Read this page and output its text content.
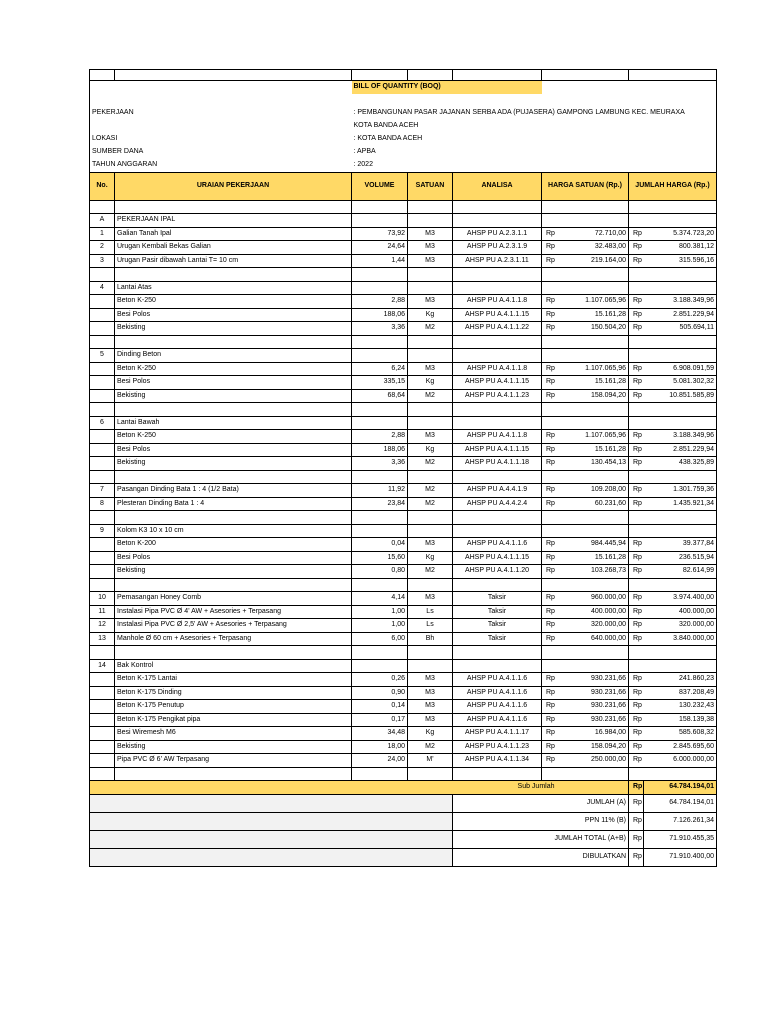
		BILL OF QUANTITY (BOQ)						

PEKERJAAN		: PEMBANGUNAN PASAR JAJANAN SERBA ADA (PUJASERA) GAMPONG LAMBUNG KEC. MEURAXA						
		KOTA BANDA ACEH						
LOKASI		: KOTA BANDA ACEH						
SUMBER DANA		: APBA						
TAHUN ANGGARAN		: 2022						
No.	URAIAN PEKERJAAN	VOLUME	SATUAN	ANALISA	HARGA SATUAN (Rp.)		JUMLAH HARGA (Rp.)	

A	PEKERJAAN IPAL							
1	Galian Tanah Ipal	73,92	M3	AHSP PU A.2.3.1.1	Rp	72.710,00	Rp	5.374.723,20
2	Urugan Kembali Bekas Galian	24,64	M3	AHSP PU A.2.3.1.9	Rp	32.483,00	Rp	800.381,12
3	Urugan Pasir dibawah Lantai T= 10 cm	1,44	M3	AHSP PU A.2.3.1.11	Rp	219.164,00	Rp	315.596,16

4	Lantai Atas							
	Beton K-250	2,88	M3	AHSP PU A.4.1.1.8	Rp	1.107.065,96	Rp	3.188.349,96
	Besi Polos	188,06	Kg	AHSP PU A.4.1.1.15	Rp	15.161,28	Rp	2.851.229,94
	Bekisting	3,36	M2	AHSP PU A.4.1.1.22	Rp	150.504,20	Rp	505.694,11

5	Dinding Beton							
	Beton K-250	6,24	M3	AHSP PU A.4.1.1.8	Rp	1.107.065,96	Rp	6.908.091,59
	Besi Polos	335,15	Kg	AHSP PU A.4.1.1.15	Rp	15.161,28	Rp	5.081.302,32
	Bekisting	68,64	M2	AHSP PU A.4.1.1.23	Rp	158.094,20	Rp	10.851.585,89

6	Lantai Bawah							
	Beton K-250	2,88	M3	AHSP PU A.4.1.1.8	Rp	1.107.065,96	Rp	3.188.349,96
	Besi Polos	188,06	Kg	AHSP PU A.4.1.1.15	Rp	15.161,28	Rp	2.851.229,94
	Bekisting	3,36	M2	AHSP PU A.4.1.1.18	Rp	130.454,13	Rp	438.325,89

7	Pasangan Dinding Bata 1 : 4 (1/2 Bata)	11,92	M2	AHSP PU A.4.4.1.9	Rp	109.208,00	Rp	1.301.759,36
8	Plesteran Dinding Bata 1 : 4	23,84	M2	AHSP PU A.4.4.2.4	Rp	60.231,60	Rp	1.435.921,34

9	Kolom K3 10 x 10 cm							
	Beton K-200	0,04	M3	AHSP PU A.4.1.1.6	Rp	984.445,94	Rp	39.377,84
	Besi Polos	15,60	Kg	AHSP PU A.4.1.1.15	Rp	15.161,28	Rp	236.515,94
	Bekisting	0,80	M2	AHSP PU A.4.1.1.20	Rp	103.268,73	Rp	82.614,99

10	Pemasangan Honey Comb	4,14	M3	Taksir	Rp	960.000,00	Rp	3.974.400,00
11	Instalasi Pipa PVC Ø 4' AW + Asesories + Terpasang	1,00	Ls	Taksir	Rp	400.000,00	Rp	400.000,00
12	Instalasi Pipa PVC Ø 2,5' AW + Asesories + Terpasang	1,00	Ls	Taksir	Rp	320.000,00	Rp	320.000,00
13	Manhole Ø 60 cm + Asesories + Terpasang	6,00	Bh	Taksir	Rp	640.000,00	Rp	3.840.000,00

14	Bak Kontrol							
	Beton K-175 Lantai	0,26	M3	AHSP PU A.4.1.1.6	Rp	930.231,66	Rp	241.860,23
	Beton K-175 Dinding	0,90	M3	AHSP PU A.4.1.1.6	Rp	930.231,66	Rp	837.208,49
	Beton K-175 Penutup	0,14	M3	AHSP PU A.4.1.1.6	Rp	930.231,66	Rp	130.232,43
	Beton K-175 Pengikat pipa	0,17	M3	AHSP PU A.4.1.1.6	Rp	930.231,66	Rp	158.139,38
	Besi Wiremesh M6	34,48	Kg	AHSP PU A.4.1.1.17	Rp	16.984,00	Rp	585.608,32
	Bekisting	18,00	M2	AHSP PU A.4.1.1.23	Rp	158.094,20	Rp	2.845.695,60
	Pipa PVC Ø 6' AW Terpasang	24,00	M'	AHSP PU A.4.1.1.34	Rp	250.000,00	Rp	6.000.000,00

Sub Jumlah							Rp	64.784.194,01
				JUMLAH (A)			Rp	64.784.194,01
				PPN 11% (B)			Rp	7.126.261,34
				JUMLAH TOTAL (A+B)			Rp	71.910.455,35
				DIBULATKAN			Rp	71.910.400,00
